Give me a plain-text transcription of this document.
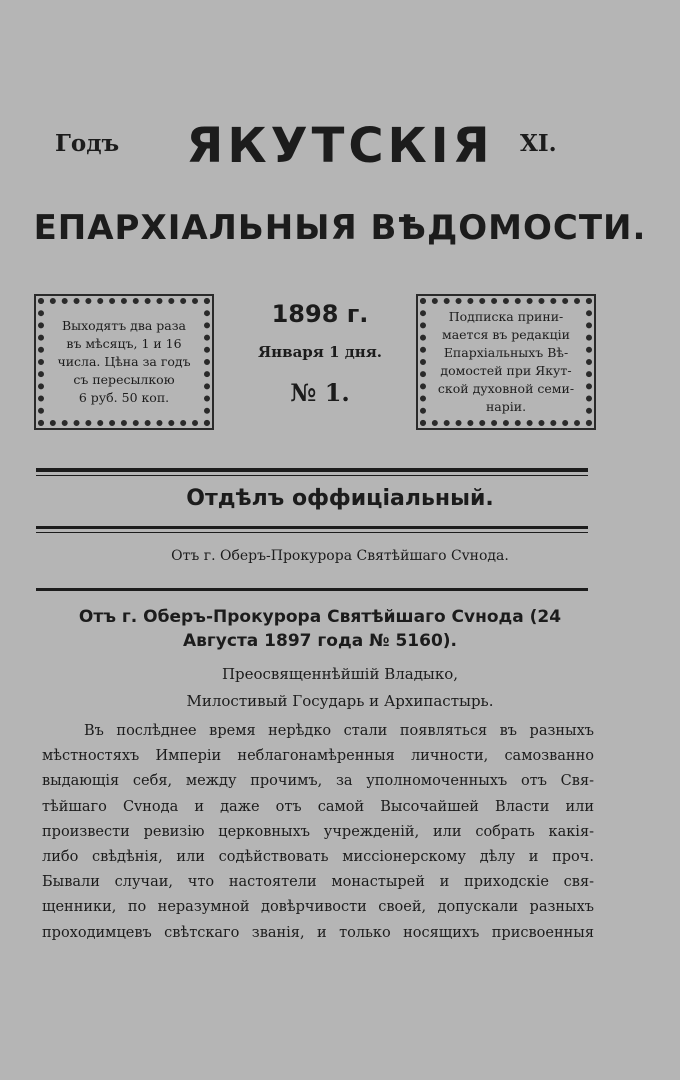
Годъ	XI.
ЯКУТСКІЯ
ЕПАРХІАЛЬНЫЯ ВѢДОМОСТИ.
Выходятъ два раза
въ мѣсяцъ, 1 и 16
числа. Цѣна за годъ
съ пересылкою
6 руб. 50 коп.
1898 г.
Января 1 дня.
№ 1.
Подписка прини-
мается въ редакціи
Епархіальныхъ Вѣ-
домостей при Якут-
ской духовной семи-
наріи.
Отдѣлъ оффиціальный.
Отъ г. Оберъ-Прокурора Святѣйшаго Сvнода.
Отъ г. Оберъ-Прокурора Святѣйшаго Сvнода (24 Августа 1897 года № 5160).
Преосвященнѣйшій Владыко,
Милостивый Государь и Архипастырь.
Въ послѣднее время нерѣдко стали появляться въ разныхъ
мѣстностяхъ Имперіи неблагонамѣренныя личности, самозванно
выдающія себя, между прочимъ, за уполномоченныхъ отъ Свя-
тѣйшаго Сvнода и даже отъ самой Высочайшей Власти или
произвести ревизію церковныхъ учрежденій, или собрать какія-
либо свѣдѣнія, или содѣйствовать миссіонерскому дѣлу и проч.
Бывали случаи, что настоятели монастырей и приходскіе свя-
щенники, по неразумной довѣрчивости своей, допускали разныхъ
проходимцевъ свѣтскаго званія, и только носящихъ присвоенныя
